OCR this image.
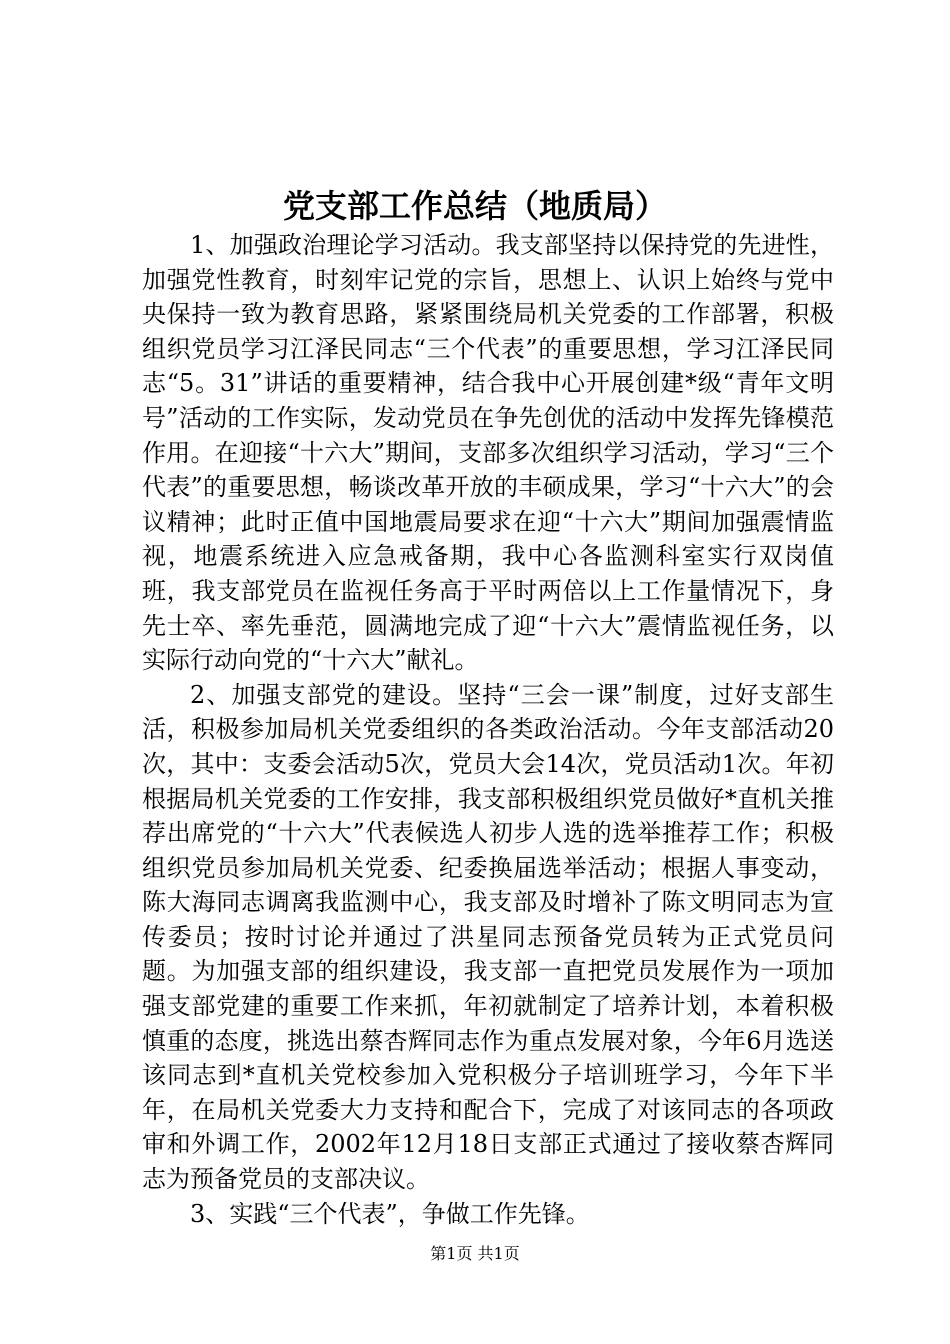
党支部工作总结（地质局）

1、加强政治理论学习活动。我支部坚持以保持党的先进性，加强党性教育，时刻牢记党的宗旨，思想上、认识上始终与党中央保持一致为教育思路，紧紧围绕局机关党委的工作部署，积极组织党员学习江泽民同志“三个代表”的重要思想，学习江泽民同志“5。31”讲话的重要精神，结合我中心开展创建*级“青年文明号”活动的工作实际，发动党员在争先创优的活动中发挥先锋模范作用。在迎接“十六大”期间，支部多次组织学习活动，学习“三个代表”的重要思想，畅谈改革开放的丰硕成果，学习“十六大”的会议精神；此时正值中国地震局要求在迎“十六大”期间加强震情监视，地震系统进入应急戒备期，我中心各监测科室实行双岗值班，我支部党员在监视任务高于平时两倍以上工作量情况下，身先士卒、率先垂范，圆满地完成了迎“十六大”震情监视任务，以实际行动向党的“十六大”献礼。

2、加强支部党的建设。坚持“三会一课”制度，过好支部生活，积极参加局机关党委组织的各类政治活动。今年支部活动20次，其中：支委会活动5次，党员大会14次，党员活动1次。年初根据局机关党委的工作安排，我支部积极组织党员做好*直机关推荐出席党的“十六大”代表候选人初步人选的选举推荐工作；积极组织党员参加局机关党委、纪委换届选举活动；根据人事变动，陈大海同志调离我监测中心，我支部及时增补了陈文明同志为宣传委员；按时讨论并通过了洪星同志预备党员转为正式党员问题。为加强支部的组织建设，我支部一直把党员发展作为一项加强支部党建的重要工作来抓，年初就制定了培养计划，本着积极慎重的态度，挑选出蔡杏辉同志作为重点发展对象，今年6月选送该同志到*直机关党校参加入党积极分子培训班学习，今年下半年，在局机关党委大力支持和配合下，完成了对该同志的各项政审和外调工作，2002年12月18日支部正式通过了接收蔡杏辉同志为预备党员的支部决议。

3、实践“三个代表”，争做工作先锋。

第1页 共1页
